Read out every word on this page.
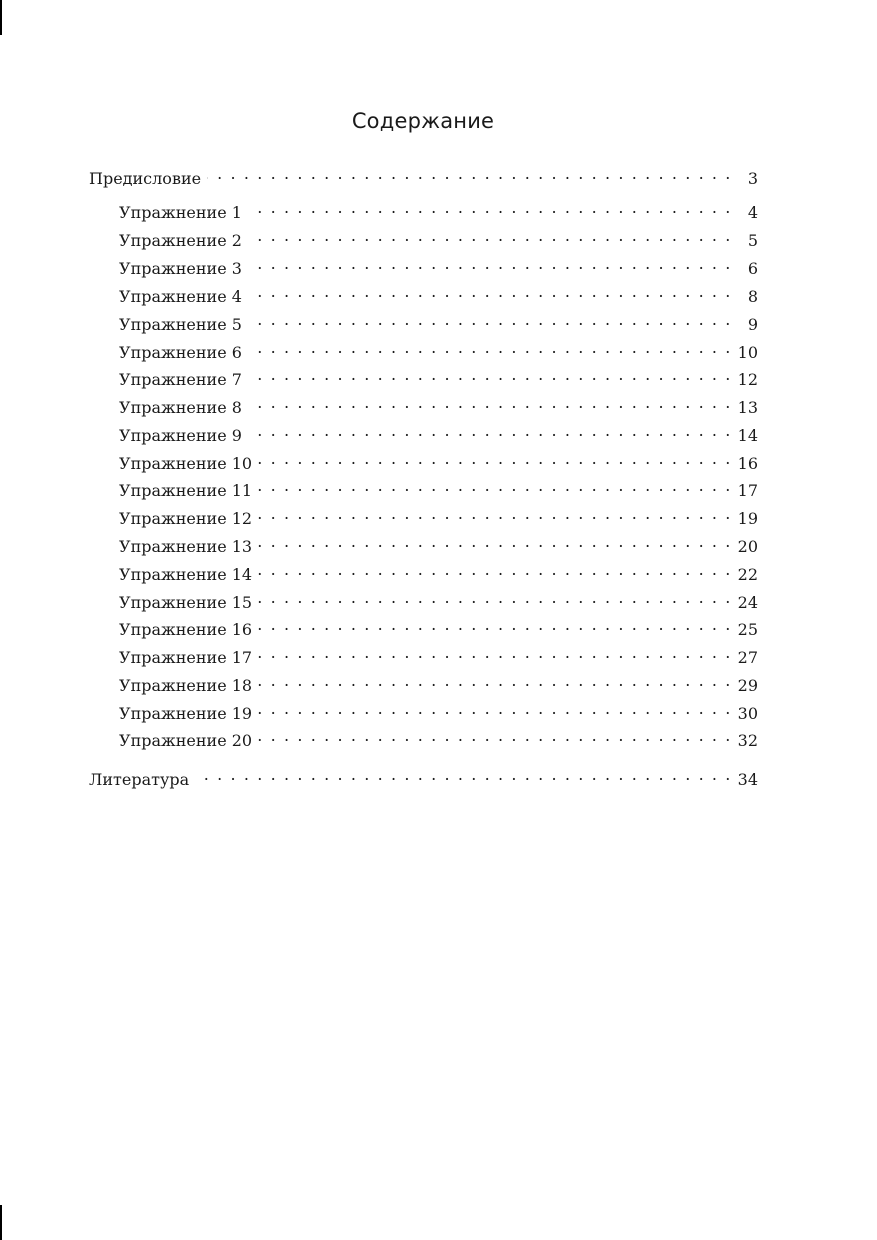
Содержание
Предисловие . . .	3
Упражнение 1 . . .	4
Упражнение 2 . . .	5
Упражнение 3 . . .	6
Упражнение 4 . . .	8
Упражнение 5 . . .	9
Упражнение 6 . . .	10
Упражнение 7 . . .	12
Упражнение 8 . . .	13
Упражнение 9 . . .	14
Упражнение 10 . . .	16
Упражнение 11 . . .	17
Упражнение 12 . . .	19
Упражнение 13 . . .	20
Упражнение 14 . . .	22
Упражнение 15 . . .	24
Упражнение 16 . . .	25
Упражнение 17 . . .	27
Упражнение 18 . . .	29
Упражнение 19 . . .	30
Упражнение 20 . . .	32
Литература . . .	34
